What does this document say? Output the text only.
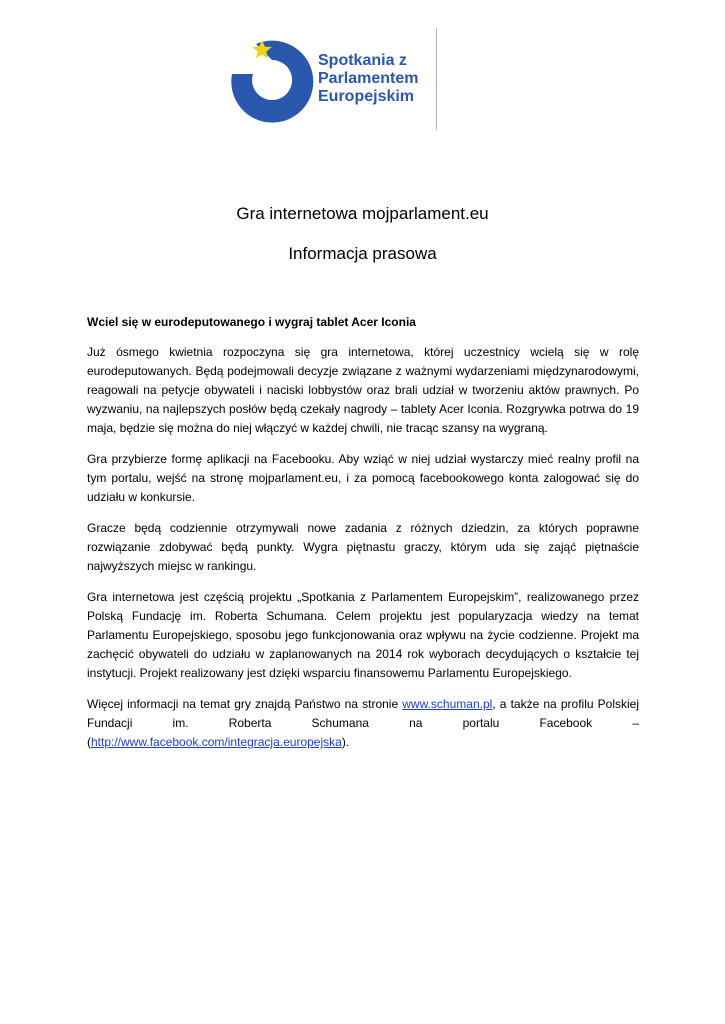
Spotkania z
Parlamentem
Europejskim
Gra internetowa mojparlament.eu
Informacja prasowa

Wciel się w eurodeputowanego i wygraj tablet Acer Iconia

Już ósmego kwietnia rozpoczyna się gra internetowa, której uczestnicy wcielą się w rolę eurodeputowanych. Będą podejmowali decyzje związane z ważnymi wydarzeniami międzynarodowymi, reagowali na petycje obywateli i naciski lobbystów oraz brali udział w tworzeniu aktów prawnych. Po wyzwaniu, na najlepszych posłów będą czekały nagrody – tablety Acer Iconia. Rozgrywka potrwa do 19 maja, będzie się można do niej włączyć w każdej chwili, nie tracąc szansy na wygraną.

Gra przybierze formę aplikacji na Facebooku. Aby wziąć w niej udział wystarczy mieć realny profil na tym portalu, wejść na stronę mojparlament.eu, i za pomocą facebookowego konta zalogować się do udziału w konkursie.

Gracze będą codziennie otrzymywali nowe zadania z różnych dziedzin, za których poprawne rozwiązanie zdobywać będą punkty. Wygra piętnastu graczy, którym uda się zająć piętnaście najwyższych miejsc w rankingu.

Gra internetowa jest częścią projektu „Spotkania z Parlamentem Europejskim”, realizowanego przez Polską Fundację im. Roberta Schumana. Celem projektu jest popularyzacja wiedzy na temat Parlamentu Europejskiego, sposobu jego funkcjonowania oraz wpływu na życie codzienne. Projekt ma zachęcić obywateli do udziału w zaplanowanych na 2014 rok wyborach decydujących o kształcie tej instytucji. Projekt realizowany jest dzięki wsparciu finansowemu Parlamentu Europejskiego.

Więcej informacji na temat gry znajdą Państwo na stronie www.schuman.pl, a także na profilu Polskiej Fundacji im. Roberta Schumana na portalu Facebook – (http://www.facebook.com/integracja.europejska).
